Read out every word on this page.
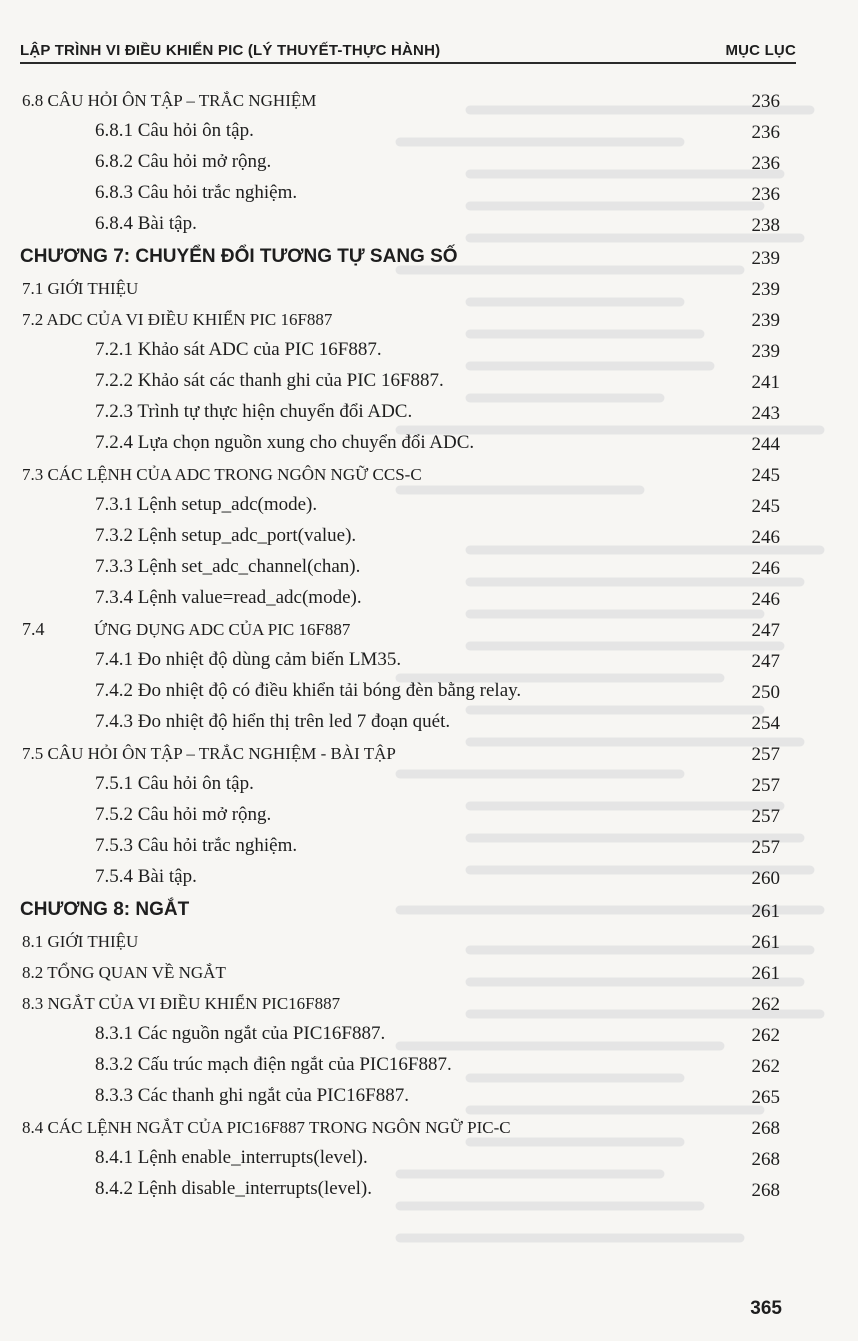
LẬP TRÌNH VI ĐIỀU KHIỂN PIC (LÝ THUYẾT-THỰC HÀNH)	MỤC LỤC
6.8 CÂU HỎI ÔN TẬP – TRẮC NGHIỆM	236
6.8.1 Câu hỏi ôn tập.	236
6.8.2 Câu hỏi mở rộng.	236
6.8.3 Câu hỏi trắc nghiệm.	236
6.8.4 Bài tập.	238
CHƯƠNG 7: CHUYỂN ĐỔI TƯƠNG TỰ SANG SỐ	239
7.1 GIỚI THIỆU	239
7.2 ADC CỦA VI ĐIỀU KHIỂN PIC 16F887	239
7.2.1 Khảo sát ADC của PIC 16F887.	239
7.2.2 Khảo sát các thanh ghi của PIC 16F887.	241
7.2.3 Trình tự thực hiện chuyển đổi ADC.	243
7.2.4 Lựa chọn nguồn xung cho chuyển đổi ADC.	244
7.3 CÁC LỆNH CỦA ADC TRONG NGÔN NGỮ CCS-C	245
7.3.1 Lệnh setup_adc(mode).	245
7.3.2 Lệnh setup_adc_port(value).	246
7.3.3 Lệnh set_adc_channel(chan).	246
7.3.4 Lệnh value=read_adc(mode).	246
7.4	ỨNG DỤNG ADC CỦA PIC 16F887	247
7.4.1 Đo nhiệt độ dùng cảm biến LM35.	247
7.4.2 Đo nhiệt độ có điều khiển tải bóng đèn bằng relay.	250
7.4.3 Đo nhiệt độ hiển thị trên led 7 đoạn quét.	254
7.5 CÂU HỎI ÔN TẬP – TRẮC NGHIỆM - BÀI TẬP	257
7.5.1 Câu hỏi ôn tập.	257
7.5.2 Câu hỏi mở rộng.	257
7.5.3 Câu hỏi trắc nghiệm.	257
7.5.4 Bài tập.	260
CHƯƠNG 8: NGẮT	261
8.1 GIỚI THIỆU	261
8.2 TỔNG QUAN VỀ NGẮT	261
8.3 NGẮT CỦA VI ĐIỀU KHIỂN PIC16F887	262
8.3.1 Các nguồn ngắt của PIC16F887.	262
8.3.2 Cấu trúc mạch điện ngắt của PIC16F887.	262
8.3.3 Các thanh ghi ngắt của PIC16F887.	265
8.4 CÁC LỆNH NGẮT CỦA PIC16F887 TRONG NGÔN NGỮ PIC-C	268
8.4.1 Lệnh enable_interrupts(level).	268
8.4.2 Lệnh disable_interrupts(level).	268
365
